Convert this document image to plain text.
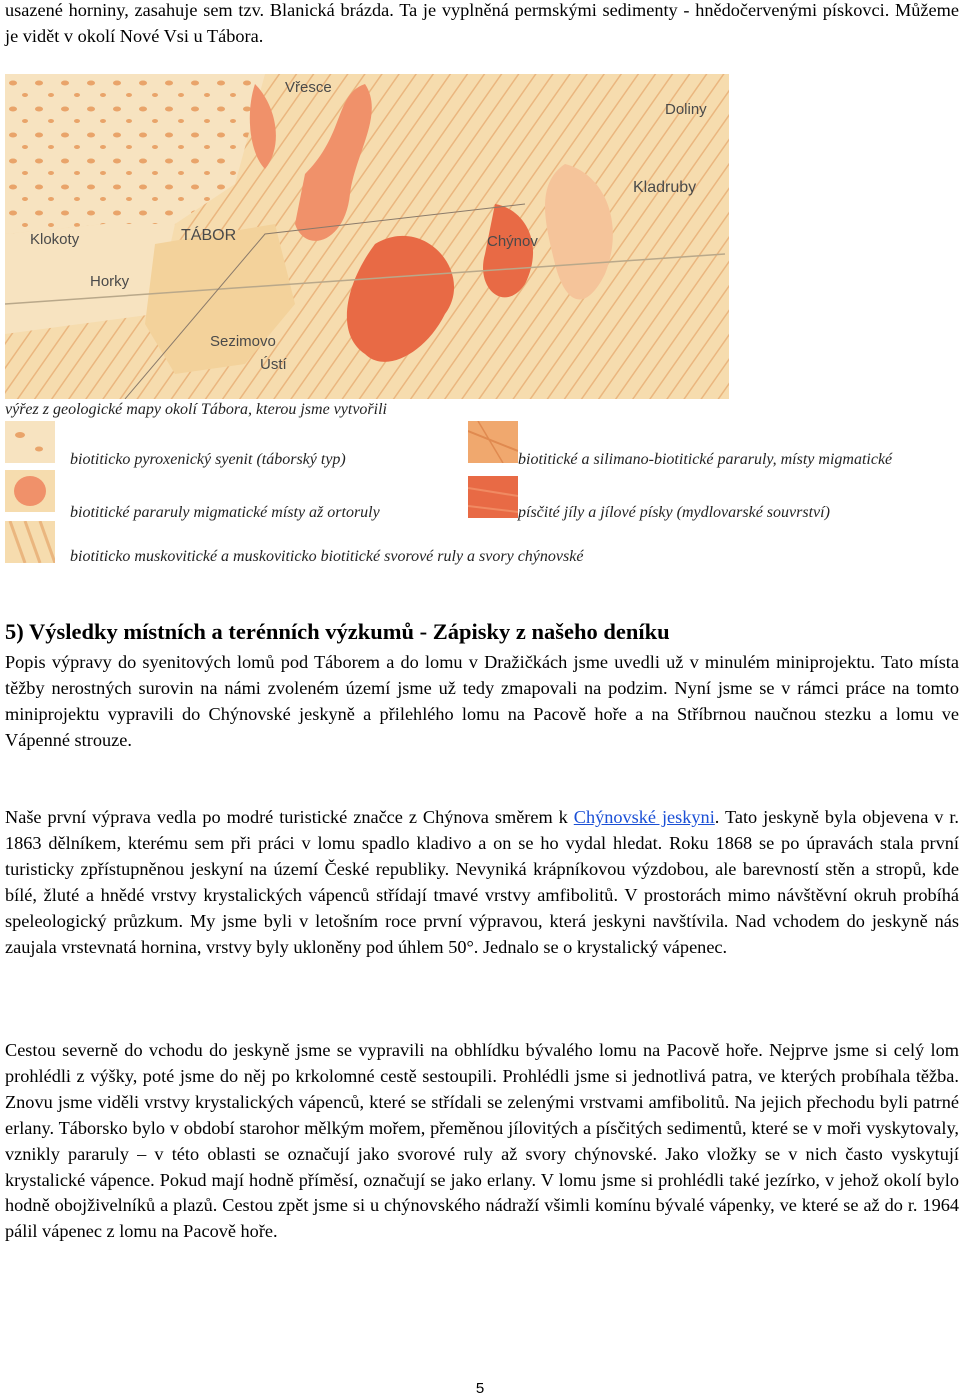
usazené horniny, zasahuje sem tzv. Blanická brázda. Ta je vyplněná permskými sedimenty - hnědočervenými pískovci. Můžeme je vidět v okolí Nové Vsi u Tábora.

Vřesce
Doliny
Kladruby
Klokoty	TÁBOR	Chýnov
Horky
Sezimovo
Ústí
výřez z geologické mapy okolí Tábora, kterou jsme vytvořili
biotiticko pyroxenický syenit (táborský typ)	biotitické a silimano-biotitické pararuly, místy migmatické
biotitické pararuly migmatické místy až ortoruly	písčité jíly a jílové písky (mydlovarské souvrství)
biotiticko muskovitické a muskoviticko biotitické svorové ruly a svory chýnovské
5) Výsledky místních a terénních výzkumů - Zápisky z našeho deníku

Popis výpravy do syenitových lomů pod Táborem a do lomu v Dražičkách jsme uvedli už v minulém miniprojektu. Tato místa těžby nerostných surovin na námi zvoleném území jsme už tedy zmapovali na podzim. Nyní jsme se v rámci práce na tomto miniprojektu vypravili do Chýnovské jeskyně a přilehlého lomu na Pacově hoře a na Stříbrnou naučnou stezku a lomu ve Vápenné strouze.

Naše první výprava vedla po modré turistické značce z Chýnova směrem k Chýnovské jeskyni. Tato jeskyně byla objevena v r. 1863 dělníkem, kterému sem při práci v lomu spadlo kladivo a on se ho vydal hledat. Roku 1868 se po úpravách stala první turisticky zpřístupněnou jeskyní na území České republiky. Nevyniká krápníkovou výzdobou, ale barevností stěn a stropů, kde bílé, žluté a hnědé vrstvy krystalických vápenců střídají tmavé vrstvy amfibolitů. V prostorách mimo návštěvní okruh probíhá speleologický průzkum. My jsme byli v letošním roce první výpravou, která jeskyni navštívila. Nad vchodem do jeskyně nás zaujala vrstevnatá hornina, vrstvy byly ukloněny pod úhlem 50°. Jednalo se o krystalický vápenec.

Cestou severně do vchodu do jeskyně jsme se vypravili na obhlídku bývalého lomu na Pacově hoře. Nejprve jsme si celý lom prohlédli z výšky, poté jsme do něj po krkolomné cestě sestoupili. Prohlédli jsme si jednotlivá patra, ve kterých probíhala těžba. Znovu jsme viděli vrstvy krystalických vápenců, které se střídali se zelenými vrstvami amfibolitů. Na jejich přechodu byli patrné erlany. Táborsko bylo v období starohor mělkým mořem, přeměnou jílovitých a písčitých sedimentů, které se v moři vyskytovaly, vznikly pararuly – v této oblasti se označují jako svorové ruly až svory chýnovské. Jako vložky se v nich často vyskytují krystalické vápence. Pokud mají hodně příměsí, označují se jako erlany. V lomu jsme si prohlédli také jezírko, v jehož okolí bylo hodně obojživelníků a plazů. Cestou zpět jsme si u chýnovského nádraží všimli komínu bývalé vápenky, ve které se až do r. 1964 pálil vápenec z lomu na Pacově hoře.

5
